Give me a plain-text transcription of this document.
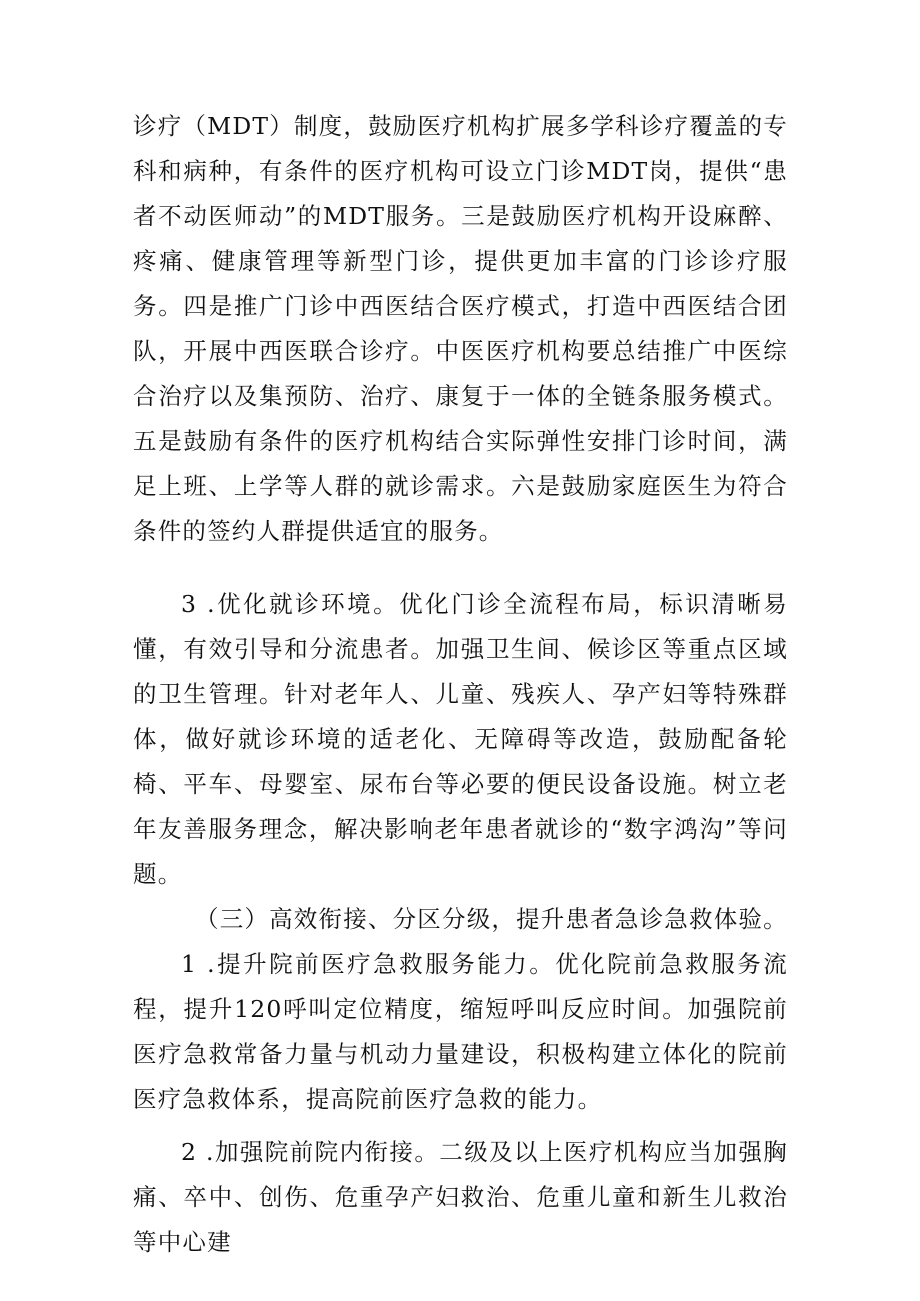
诊疗（MDT）制度，鼓励医疗机构扩展多学科诊疗覆盖的专科和病种，有条件的医疗机构可设立门诊MDT岗，提供“患者不动医师动”的MDT服务。三是鼓励医疗机构开设麻醉、疼痛、健康管理等新型门诊，提供更加丰富的门诊诊疗服务。四是推广门诊中西医结合医疗模式，打造中西医结合团队，开展中西医联合诊疗。中医医疗机构要总结推广中医综合治疗以及集预防、治疗、康复于一体的全链条服务模式。五是鼓励有条件的医疗机构结合实际弹性安排门诊时间，满足上班、上学等人群的就诊需求。六是鼓励家庭医生为符合条件的签约人群提供适宜的服务。

3 .优化就诊环境。优化门诊全流程布局，标识清晰易懂，有效引导和分流患者。加强卫生间、候诊区等重点区域的卫生管理。针对老年人、儿童、残疾人、孕产妇等特殊群体，做好就诊环境的适老化、无障碍等改造，鼓励配备轮椅、平车、母婴室、尿布台等必要的便民设备设施。树立老年友善服务理念，解决影响老年患者就诊的“数字鸿沟”等问题。

（三）高效衔接、分区分级，提升患者急诊急救体验。

1 .提升院前医疗急救服务能力。优化院前急救服务流程，提升120呼叫定位精度，缩短呼叫反应时间。加强院前医疗急救常备力量与机动力量建设，积极构建立体化的院前医疗急救体系，提高院前医疗急救的能力。

2 .加强院前院内衔接。二级及以上医疗机构应当加强胸痛、卒中、创伤、危重孕产妇救治、危重儿童和新生儿救治等中心建
